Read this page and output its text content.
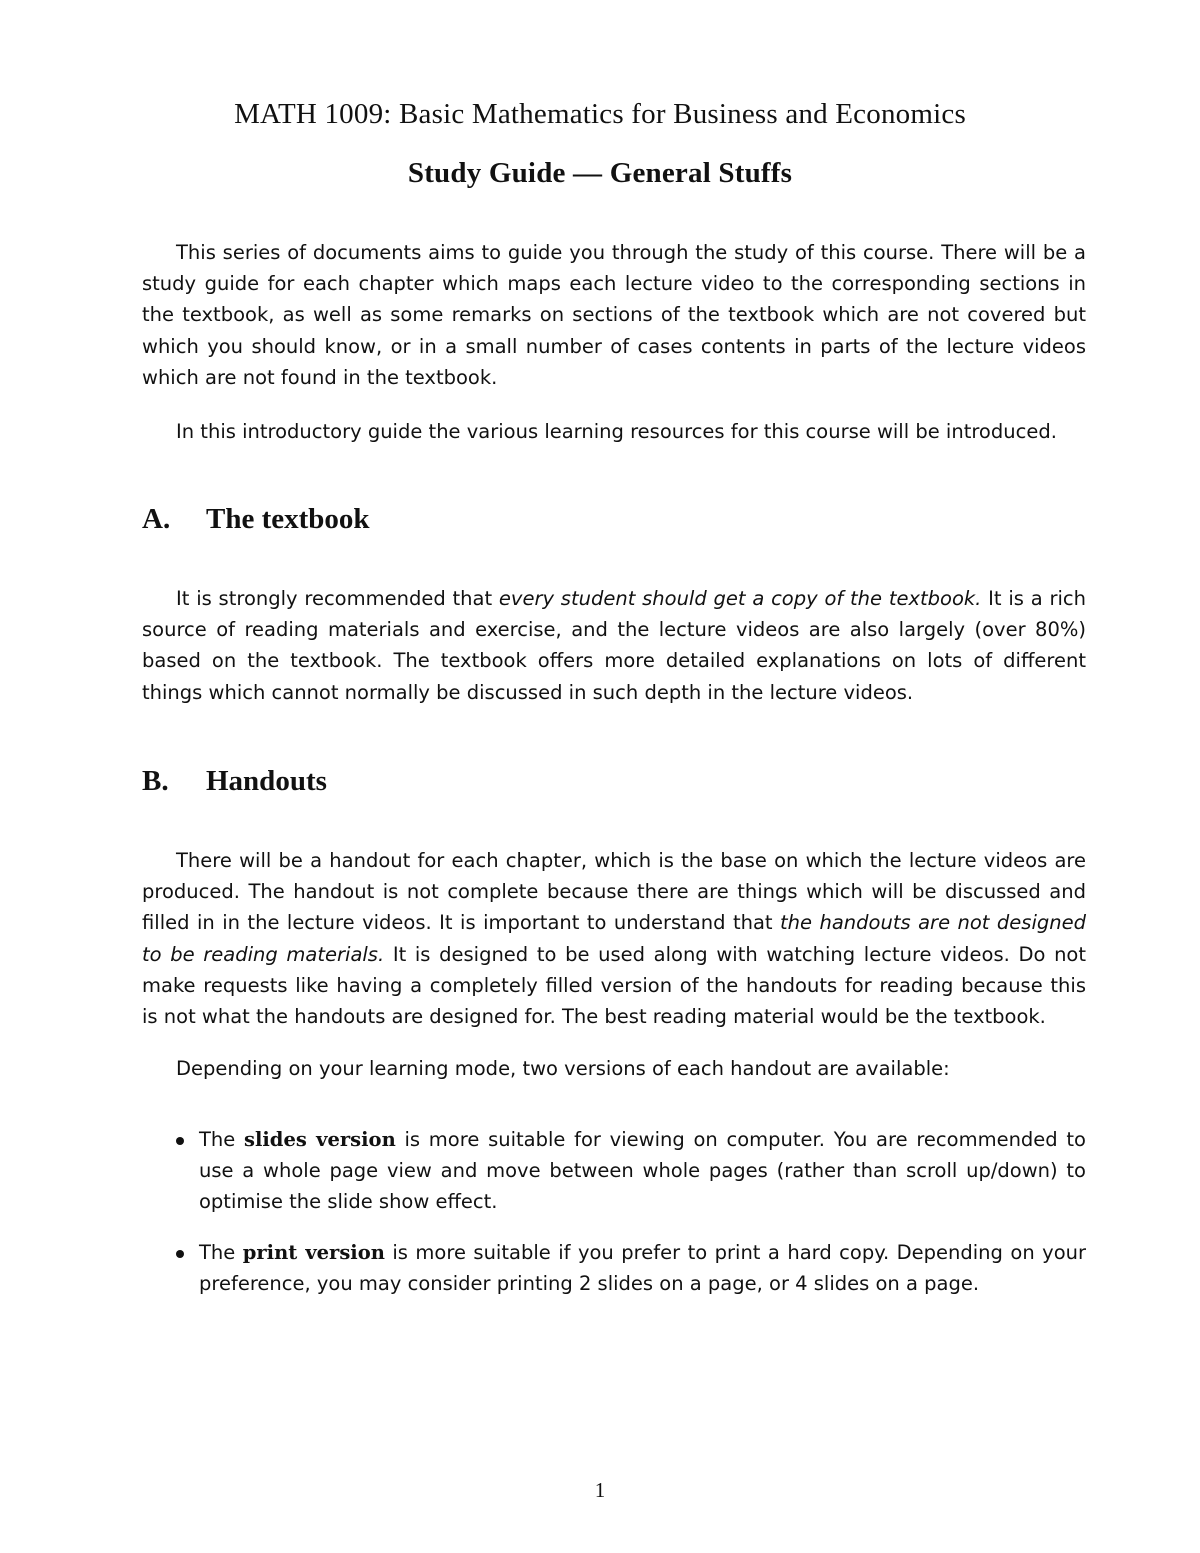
MATH 1009: Basic Mathematics for Business and Economics
Study Guide — General Stuffs

This series of documents aims to guide you through the study of this course. There will be a study guide for each chapter which maps each lecture video to the corresponding sections in the textbook, as well as some remarks on sections of the textbook which are not covered but which you should know, or in a small number of cases contents in parts of the lecture videos which are not found in the textbook.

In this introductory guide the various learning resources for this course will be introduced.

A. The textbook

It is strongly recommended that every student should get a copy of the textbook. It is a rich source of reading materials and exercise, and the lecture videos are also largely (over 80%) based on the textbook. The textbook offers more detailed explanations on lots of different things which cannot normally be discussed in such depth in the lecture videos.

B. Handouts

There will be a handout for each chapter, which is the base on which the lecture videos are produced. The handout is not complete because there are things which will be discussed and filled in in the lecture videos. It is important to understand that the handouts are not designed to be reading materials. It is designed to be used along with watching lecture videos. Do not make requests like having a completely filled version of the handouts for reading because this is not what the handouts are designed for. The best reading material would be the textbook.

Depending on your learning mode, two versions of each handout are available:

The slides version is more suitable for viewing on computer. You are recommended to use a whole page view and move between whole pages (rather than scroll up/down) to optimise the slide show effect.
The print version is more suitable if you prefer to print a hard copy. Depending on your preference, you may consider printing 2 slides on a page, or 4 slides on a page.
1
